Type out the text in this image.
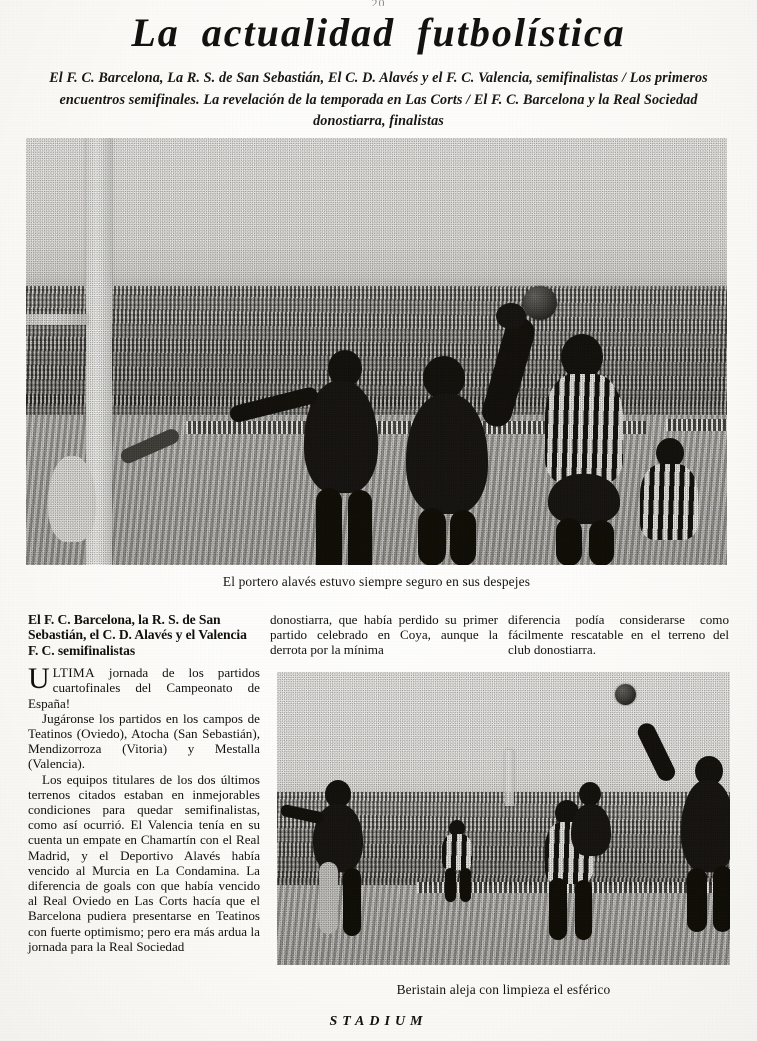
La actualidad futbolística
El F. C. Barcelona, La R. S. de San Sebastián, El C. D. Alavés y el F. C. Valencia, semifinalistas / Los primeros encuentros semifinales. La revelación de la temporada en Las Corts / El F. C. Barcelona y la Real Sociedad donostiarra, finalistas
El portero alavés estuvo siempre seguro en sus despejes
Beristain aleja con limpieza el esférico
El F. C. Barcelona, la R. S. de San Sebastián, el C. D. Alavés y el Valencia F. C. semifinalistas

ULTIMA jornada de los partidos cuartofinales del Campeonato de España!

Jugáronse los partidos en los campos de Teatinos (Oviedo), Atocha (San Sebastián), Mendizorroza (Vitoria) y Mestalla (Valencia).

Los equipos titulares de los dos últimos terrenos citados estaban en inmejorables condiciones para quedar semifinalistas, como así ocurrió. El Valencia tenía en su cuenta un empate en Chamartín con el Real Madrid, y el Deportivo Alavés había vencido al Murcia en La Condamina. La diferencia de goals con que había vencido al Real Oviedo en Las Corts hacía que el Barcelona pudiera presentarse en Teatinos con fuerte optimismo; pero era más ardua la jornada para la Real Sociedad

donostiarra, que había perdido su primer partido celebrado en Coya, aunque la derrota por la mínima
diferencia podía considerarse como fácilmente rescatable en el terreno del club donostiarra.
STADIUM
